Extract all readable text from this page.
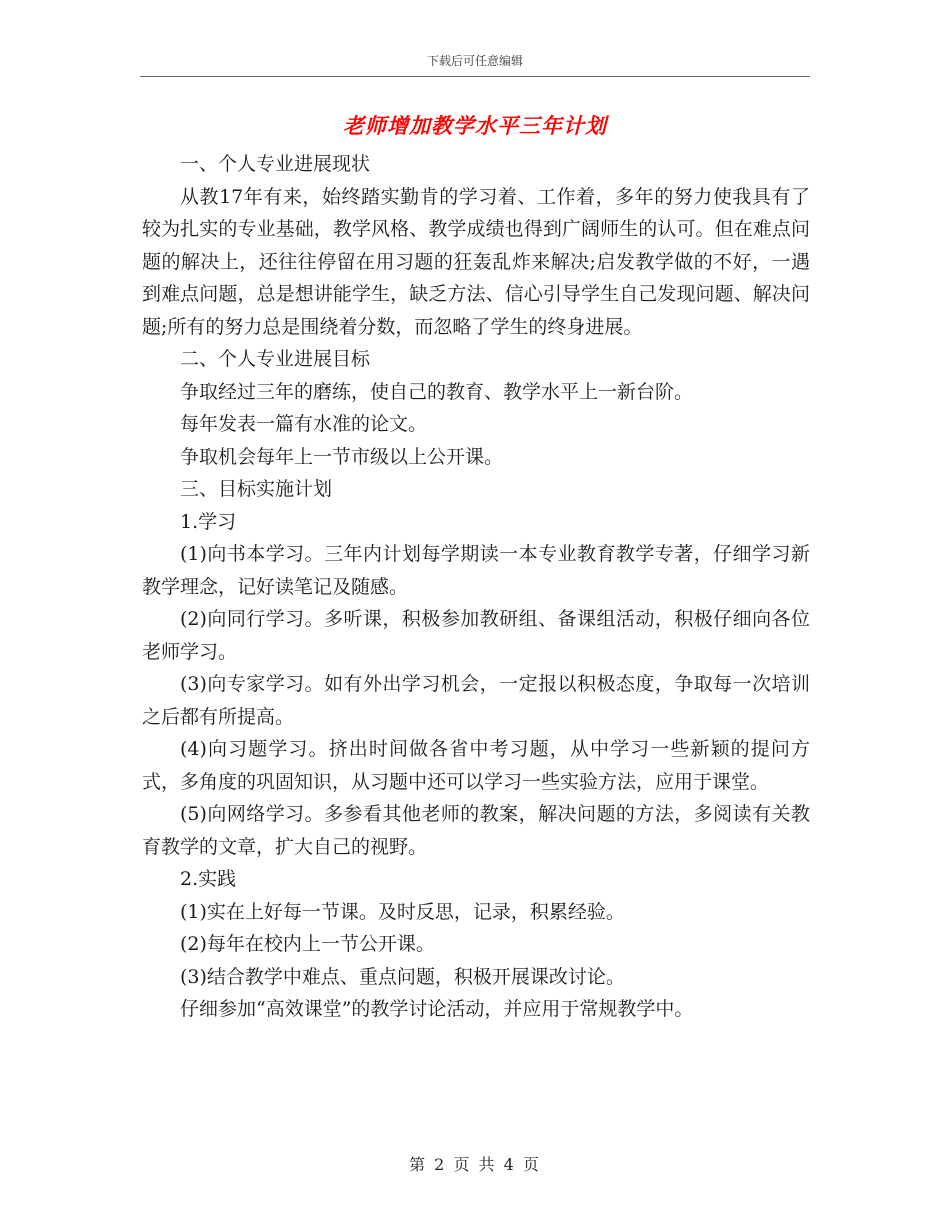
下载后可任意编辑
老师增加教学水平三年计划

一、个人专业进展现状

从教17年有来，始终踏实勤肯的学习着、工作着，多年的努力使我具有了较为扎实的专业基础，教学风格、教学成绩也得到广阔师生的认可。但在难点问题的解决上，还往往停留在用习题的狂轰乱炸来解决;启发教学做的不好，一遇到难点问题，总是想讲能学生，缺乏方法、信心引导学生自己发现问题、解决问题;所有的努力总是围绕着分数，而忽略了学生的终身进展。

二、个人专业进展目标

争取经过三年的磨练，使自己的教育、教学水平上一新台阶。

每年发表一篇有水准的论文。

争取机会每年上一节市级以上公开课。

三、目标实施计划

1.学习

(1)向书本学习。三年内计划每学期读一本专业教育教学专著，仔细学习新教学理念，记好读笔记及随感。

(2)向同行学习。多听课，积极参加教研组、备课组活动，积极仔细向各位老师学习。

(3)向专家学习。如有外出学习机会，一定报以积极态度，争取每一次培训之后都有所提高。

(4)向习题学习。挤出时间做各省中考习题，从中学习一些新颖的提问方式，多角度的巩固知识，从习题中还可以学习一些实验方法，应用于课堂。

(5)向网络学习。多参看其他老师的教案，解决问题的方法，多阅读有关教育教学的文章，扩大自己的视野。

2.实践

(1)实在上好每一节课。及时反思，记录，积累经验。

(2)每年在校内上一节公开课。

(3)结合教学中难点、重点问题，积极开展课改讨论。

仔细参加“高效课堂”的教学讨论活动，并应用于常规教学中。

第 2 页 共 4 页
